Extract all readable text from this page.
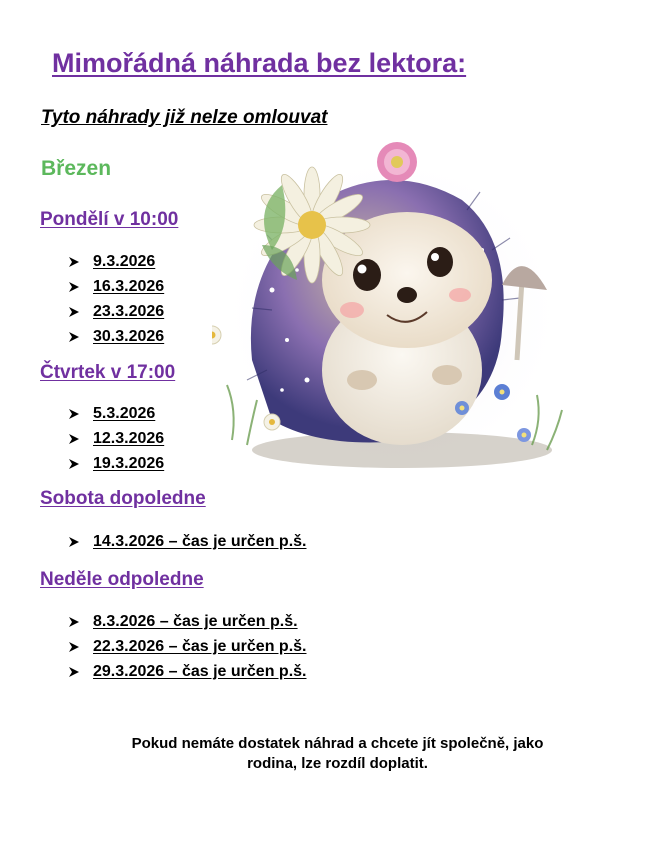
Mimořádná náhrada bez lektora:
Tyto náhrady již nelze omlouvat
Březen
Pondělí v 10:00
9.3.2026
16.3.2026
23.3.2026
30.3.2026
Čtvrtek v 17:00
5.3.2026
12.3.2026
19.3.2026
Sobota dopoledne
14.3.2026 – čas je určen p.š.
Neděle odpoledne
8.3.2026 – čas je určen p.š.
22.3.2026 – čas je určen p.š.
29.3.2026 – čas je určen p.š.
Pokud nemáte dostatek náhrad a chcete jít společně, jako
rodina, lze rozdíl doplatit.
